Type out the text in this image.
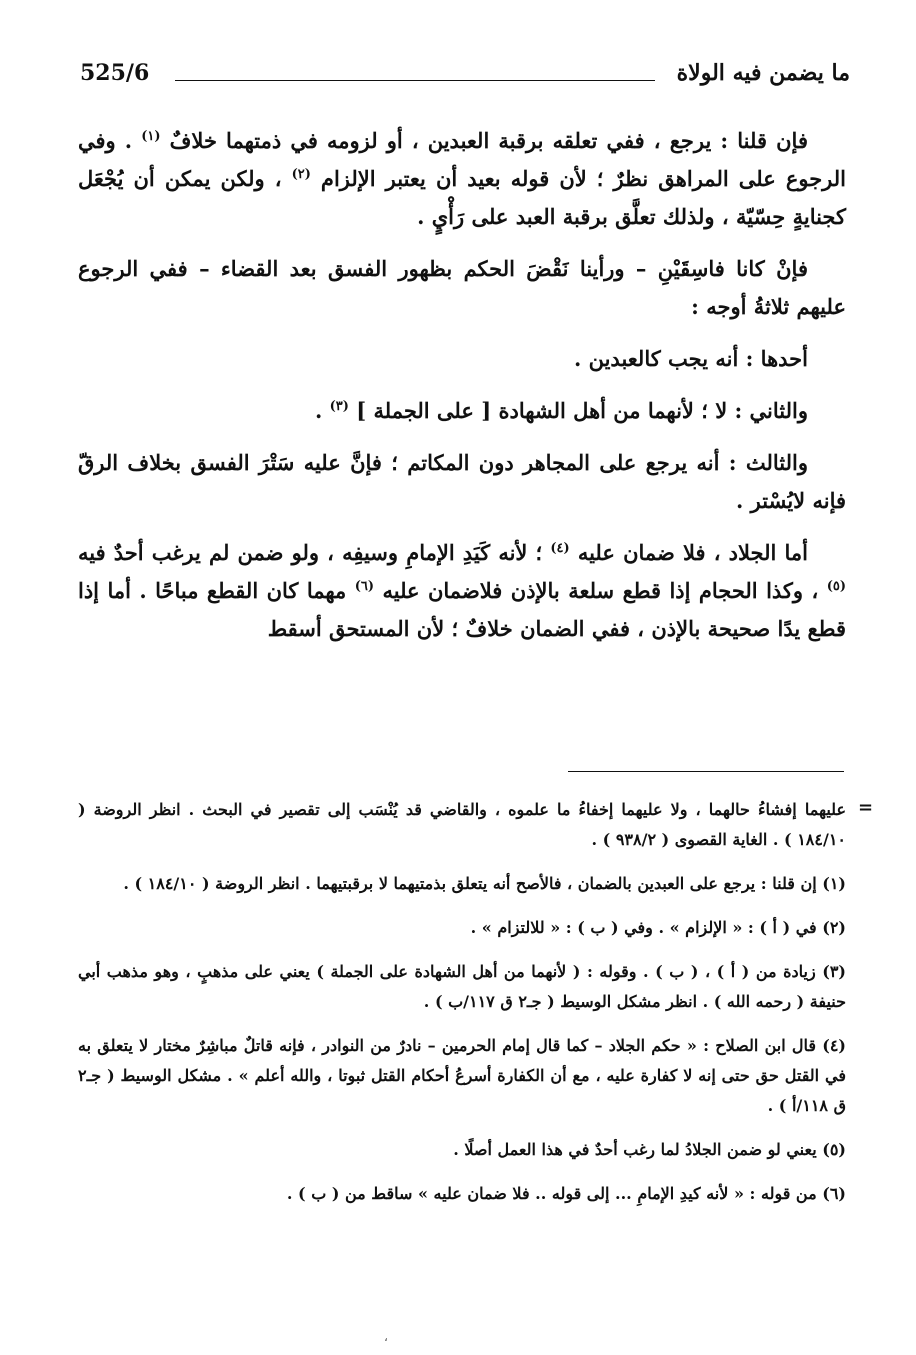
ما يضمن فيه الولاة
525/6

فإن قلنا : يرجع ، ففي تعلقه برقبة العبدين ، أو لزومه في ذمتهما خلافٌ $^{(١)}$ . وفي الرجوع على المراهق نظرٌ ؛ لأن قوله بعيد أن يعتبر الإلزام $^{(٢)}$ ، ولكن يمكن أن يُجْعَل كجنايةٍ حِسّيّة ، ولذلك تعلَّق برقبة العبد على رَأْيٍ .

فإنْ كانا فاسِقَيْنِ – ورأينا نَقْضَ الحكم بظهور الفسق بعد القضاء – ففي الرجوع عليهم ثلاثةُ أوجه :

أحدها : أنه يجب كالعبدين .

والثاني : لا ؛ لأنهما من أهل الشهادة [ على الجملة ] $^{(٣)}$ .

والثالث : أنه يرجع على المجاهر دون المكاتم ؛ فإنَّ عليه سَتْرَ الفسق بخلاف الرقّ فإنه لايُسْتر .

أما الجلاد ، فلا ضمان عليه $^{(٤)}$ ؛ لأنه كَيَدِ الإمامِ وسيفِه ، ولو ضمن لم يرغب أحدٌ فيه $^{(٥)}$ ، وكذا الحجام إذا قطع سلعة بالإذن فلاضمان عليه $^{(٦)}$ مهما كان القطع مباحًا . أما إذا قطع يدًا صحيحة بالإذن ، ففي الضمان خلافٌ ؛ لأن المستحق أسقط

=

عليهما إفشاءُ حالهما ، ولا عليهما إخفاءُ ما علموه ، والقاضي قد يُنْسَب إلى تقصير في البحث . انظر الروضة ( ١٨٤/١٠ ) . الغاية القصوى ( ٩٣٨/٢ ) .

(١) إن قلنا : يرجع على العبدين بالضمان ، فالأصح أنه يتعلق بذمتيهما لا برقبتيهما . انظر الروضة ( ١٨٤/١٠ ) .

(٢) في ( أ ) : « الإلزام » . وفي ( ب ) : « للالتزام » .

(٣) زيادة من ( أ ) ، ( ب ) . وقوله : ( لأنهما من أهل الشهادة على الجملة ) يعني على مذهبٍ ، وهو مذهب أبي حنيفة ( رحمه الله ) . انظر مشكل الوسيط ( جـ٢ ق ١١٧/ب ) .

(٤) قال ابن الصلاح : « حكم الجلاد – كما قال إمام الحرمين – نادرٌ من النوادر ، فإنه قاتلٌ مباشِرٌ مختار لا يتعلق به في القتل حق حتى إنه لا كفارة عليه ، مع أن الكفارة أسرعُ أحكام القتل ثبوتا ، والله أعلم » . مشكل الوسيط ( جـ٢ ق ١١٨/أ ) .

(٥) يعني لو ضمن الجلادُ لما رغب أحدٌ في هذا العمل أصلًا .

(٦) من قوله : « لأنه كيدِ الإمامِ ... إلى قوله .. فلا ضمان عليه » ساقط من ( ب ) .

،
